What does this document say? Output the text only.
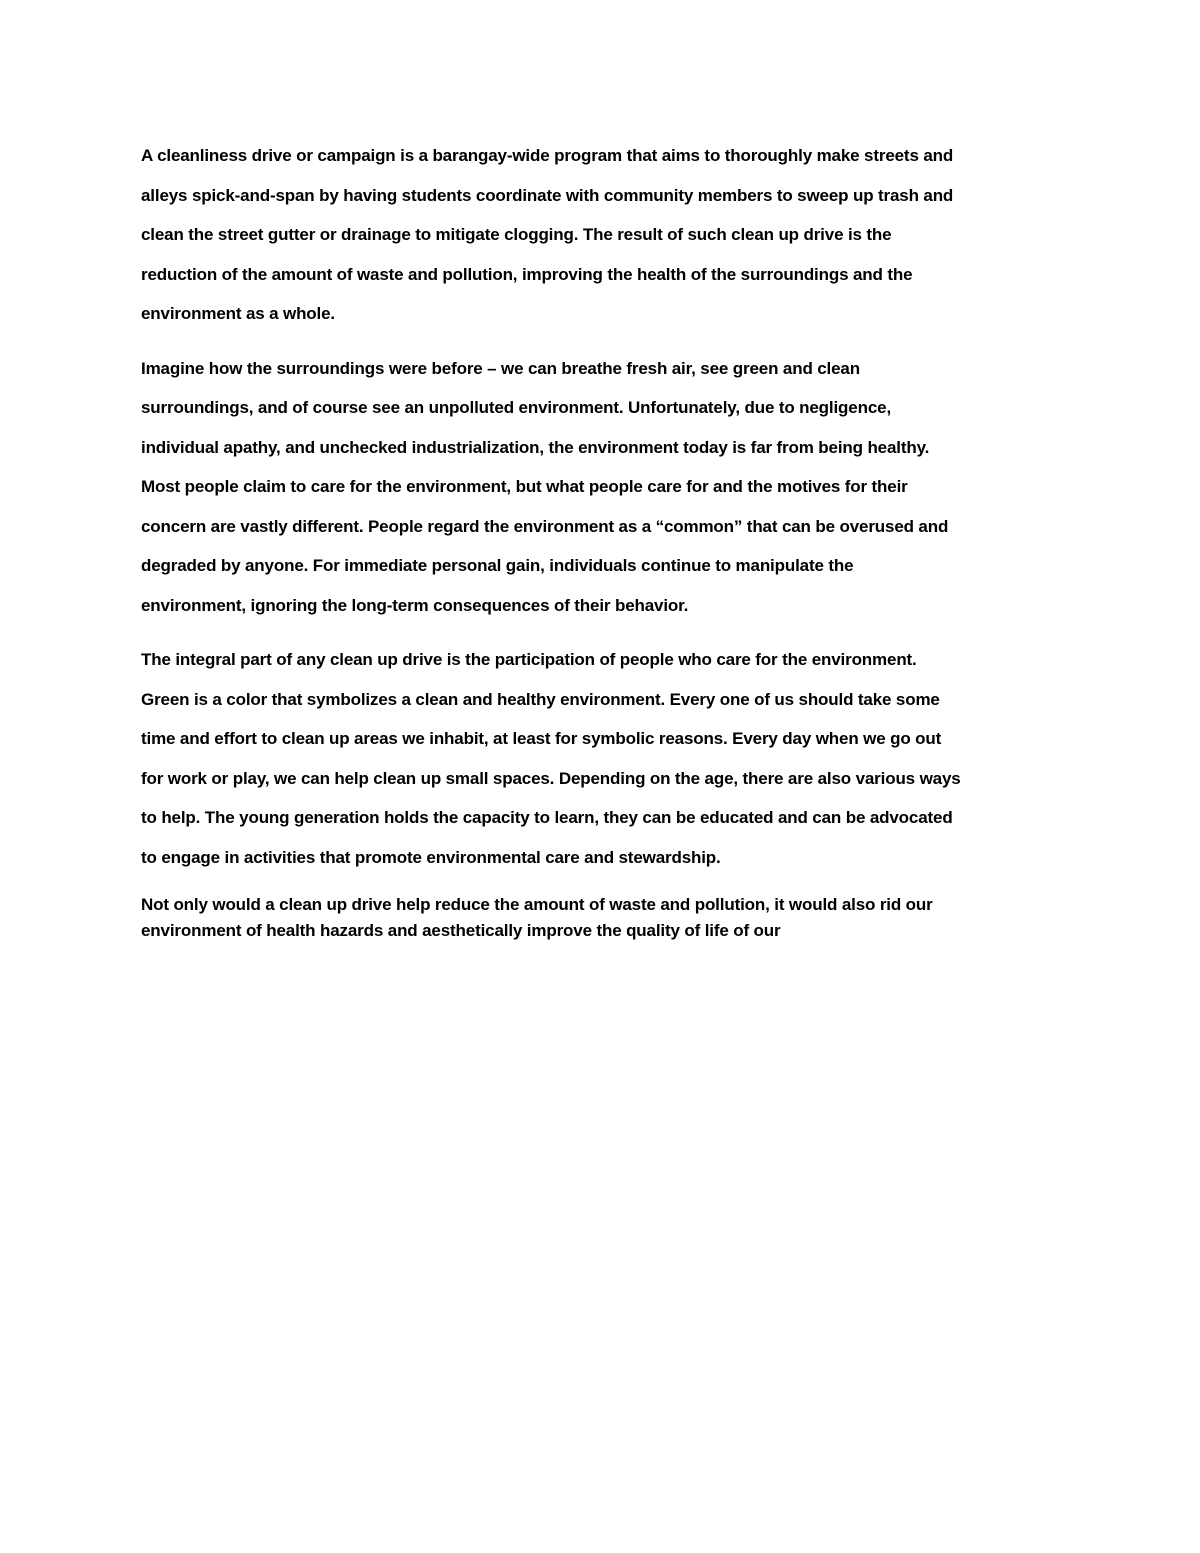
A cleanliness drive or campaign is a barangay-wide program that aims to thoroughly make streets and
alleys spick-and-span by having students coordinate with community members to sweep up trash and
clean the street gutter or drainage to mitigate clogging. The result of such clean up drive is the
reduction of the amount of waste and pollution, improving the health of the surroundings and the
environment as a whole.

Imagine how the surroundings were before – we can breathe fresh air, see green and clean
surroundings, and of course see an unpolluted environment. Unfortunately, due to negligence,
individual apathy, and unchecked industrialization, the environment today is far from being healthy.
Most people claim to care for the environment, but what people care for and the motives for their
concern are vastly different. People regard the environment as a “common” that can be overused and
degraded by anyone. For immediate personal gain, individuals continue to manipulate the
environment, ignoring the long-term consequences of their behavior.

The integral part of any clean up drive is the participation of people who care for the environment.
Green is a color that symbolizes a clean and healthy environment. Every one of us should take some
time and effort to clean up areas we inhabit, at least for symbolic reasons. Every day when we go out
for work or play, we can help clean up small spaces. Depending on the age, there are also various ways
to help. The young generation holds the capacity to learn, they can be educated and can be advocated
to engage in activities that promote environmental care and stewardship.

Not only would a clean up drive help reduce the amount of waste and pollution, it would also rid our
environment of health hazards and aesthetically improve the quality of life of our
